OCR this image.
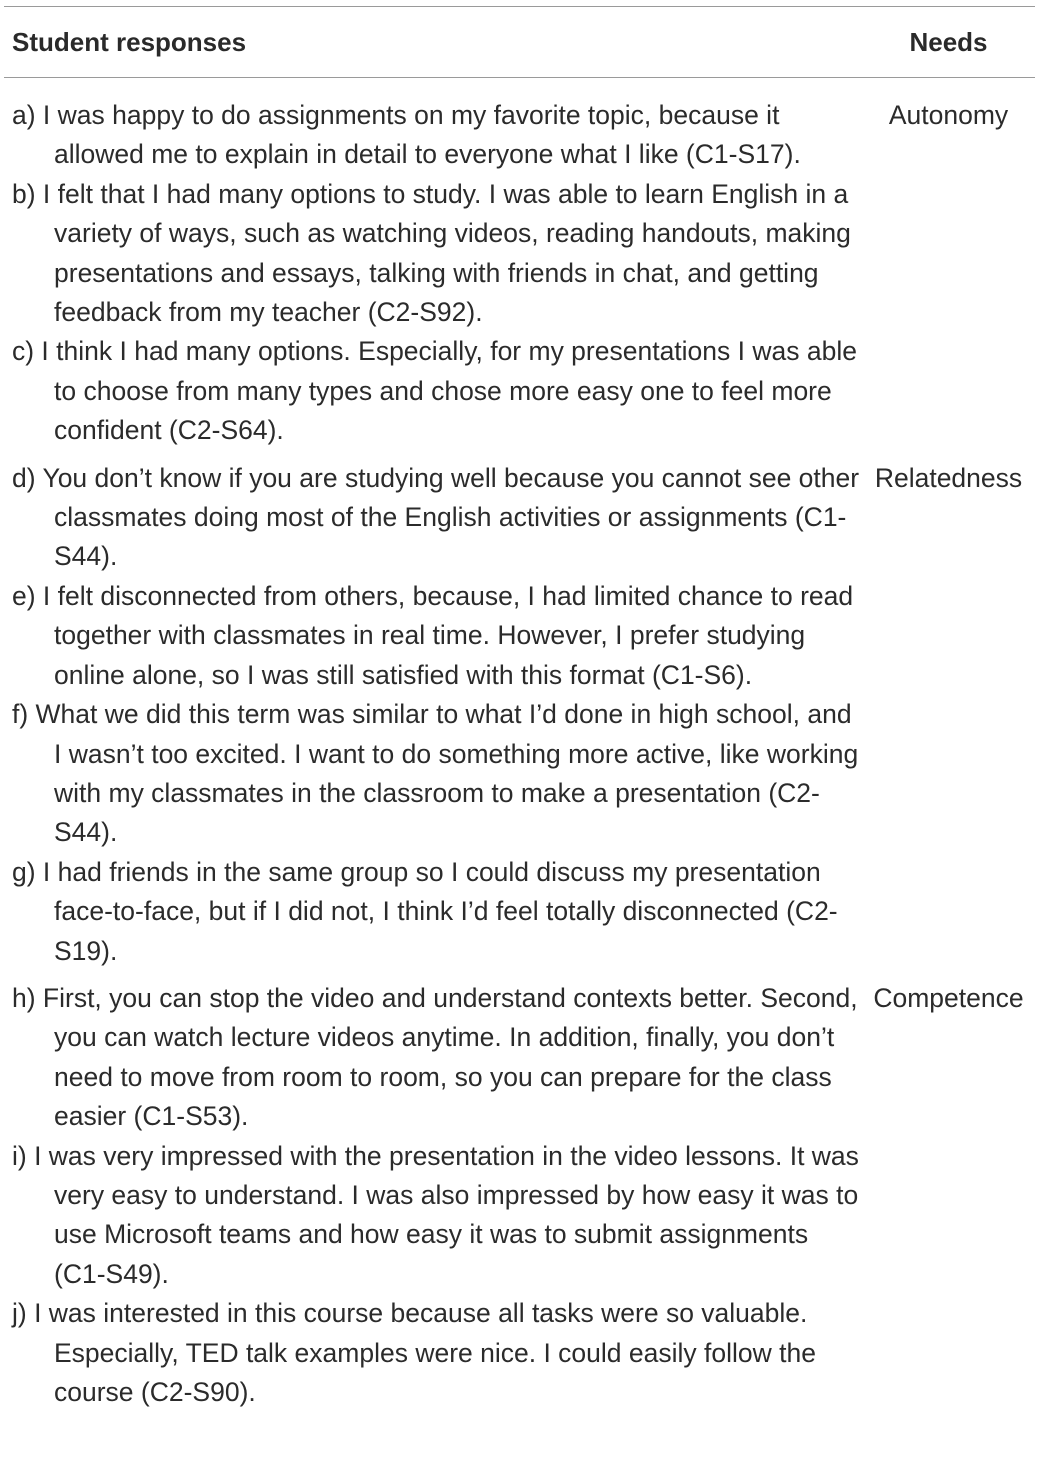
Student responses	Needs
a) I was happy to do assignments on my favorite topic, because it allowed me to explain in detail to everyone what I like (C1-S17).
b) I felt that I had many options to study. I was able to learn English in a variety of ways, such as watching videos, reading handouts, making presentations and essays, talking with friends in chat, and getting feedback from my teacher (C2-S92).
c) I think I had many options. Especially, for my presentations I was able to choose from many types and chose more easy one to feel more confident (C2-S64).
Autonomy
d) You don’t know if you are studying well because you cannot see other classmates doing most of the English activities or assignments (C1-S44).
e) I felt disconnected from others, because, I had limited chance to read together with classmates in real time. However, I prefer studying online alone, so I was still satisfied with this format (C1-S6).
f) What we did this term was similar to what I’d done in high school, and I wasn’t too excited. I want to do something more active, like working with my classmates in the classroom to make a presentation (C2-S44).
g) I had friends in the same group so I could discuss my presentation face-to-face, but if I did not, I think I’d feel totally disconnected (C2-S19).
Relatedness
h) First, you can stop the video and understand contexts better. Second, you can watch lecture videos anytime. In addition, finally, you don’t need to move from room to room, so you can prepare for the class easier (C1-S53).
i) I was very impressed with the presentation in the video lessons. It was very easy to understand. I was also impressed by how easy it was to use Microsoft teams and how easy it was to submit assignments (C1-S49).
j) I was interested in this course because all tasks were so valuable. Especially, TED talk examples were nice. I could easily follow the course (C2-S90).
Competence
